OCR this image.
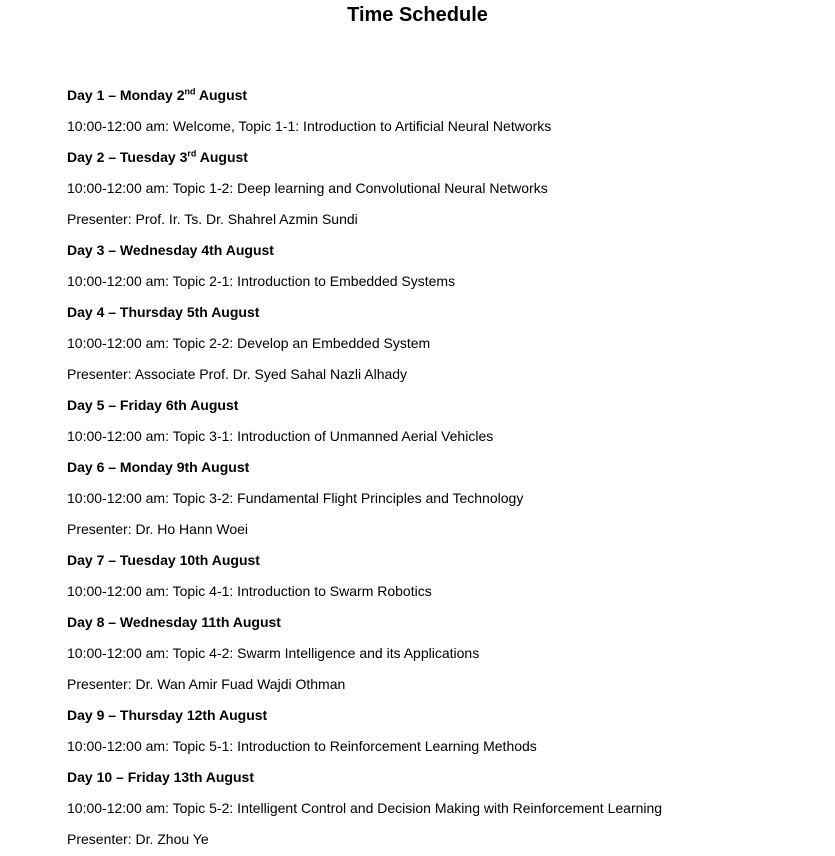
Time Schedule

Day 1 – Monday 2nd August

10:00-12:00 am: Welcome, Topic 1-1: Introduction to Artificial Neural Networks

Day 2 – Tuesday 3rd August

10:00-12:00 am: Topic 1-2: Deep learning and Convolutional Neural Networks

Presenter: Prof. Ir. Ts. Dr. Shahrel Azmin Sundi

Day 3 – Wednesday 4th August

10:00-12:00 am: Topic 2-1: Introduction to Embedded Systems

Day 4 – Thursday 5th August

10:00-12:00 am: Topic 2-2: Develop an Embedded System

Presenter: Associate Prof. Dr. Syed Sahal Nazli Alhady

Day 5 – Friday 6th August

10:00-12:00 am: Topic 3-1: Introduction of Unmanned Aerial Vehicles

Day 6 – Monday 9th August

10:00-12:00 am: Topic 3-2: Fundamental Flight Principles and Technology

Presenter: Dr. Ho Hann Woei

Day 7 – Tuesday 10th August

10:00-12:00 am: Topic 4-1: Introduction to Swarm Robotics

Day 8 – Wednesday 11th August

10:00-12:00 am: Topic 4-2: Swarm Intelligence and its Applications

Presenter: Dr. Wan Amir Fuad Wajdi Othman

Day 9 – Thursday 12th August

10:00-12:00 am: Topic 5-1: Introduction to Reinforcement Learning Methods

Day 10 – Friday 13th August

10:00-12:00 am: Topic 5-2: Intelligent Control and Decision Making with Reinforcement Learning

Presenter: Dr. Zhou Ye
